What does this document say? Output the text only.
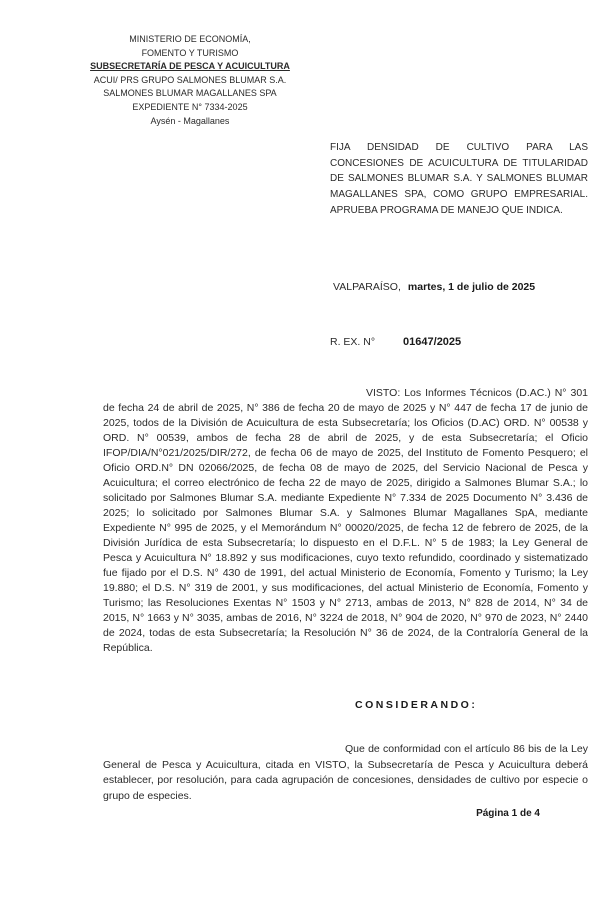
MINISTERIO DE ECONOMÍA,
FOMENTO Y TURISMO
SUBSECRETARÍA DE PESCA Y ACUICULTURA
ACUI/ PRS GRUPO SALMONES BLUMAR S.A.
SALMONES BLUMAR MAGALLANES SPA
EXPEDIENTE N° 7334-2025
Aysén - Magallanes
FIJA DENSIDAD DE CULTIVO PARA LAS CONCESIONES DE ACUICULTURA DE TITULARIDAD DE SALMONES BLUMAR S.A. Y SALMONES BLUMAR MAGALLANES SPA, COMO GRUPO EMPRESARIAL. APRUEBA PROGRAMA DE MANEJO QUE INDICA.
VALPARAÍSO, martes, 1 de julio de 2025
R. EX. N°	01647/2025
VISTO: Los Informes Técnicos (D.AC.) N° 301 de fecha 24 de abril de 2025, N° 386 de fecha 20 de mayo de 2025 y N° 447 de fecha 17 de junio de 2025, todos de la División de Acuicultura de esta Subsecretaría; los Oficios (D.AC) ORD. N° 00538 y ORD. N° 00539, ambos de fecha 28 de abril de 2025, y de esta Subsecretaría; el Oficio IFOP/DIA/N°021/2025/DIR/272, de fecha 06 de mayo de 2025, del Instituto de Fomento Pesquero; el Oficio ORD.N° DN 02066/2025, de fecha 08 de mayo de 2025, del Servicio Nacional de Pesca y Acuicultura; el correo electrónico de fecha 22 de mayo de 2025, dirigido a Salmones Blumar S.A.; lo solicitado por Salmones Blumar S.A. mediante Expediente N° 7.334 de 2025 Documento N° 3.436 de 2025; lo solicitado por Salmones Blumar S.A. y Salmones Blumar Magallanes SpA, mediante Expediente N° 995 de 2025, y el Memorándum N° 00020/2025, de fecha 12 de febrero de 2025, de la División Jurídica de esta Subsecretaría; lo dispuesto en el D.F.L. N° 5 de 1983; la Ley General de Pesca y Acuicultura N° 18.892 y sus modificaciones, cuyo texto refundido, coordinado y sistematizado fue fijado por el D.S. N° 430 de 1991, del actual Ministerio de Economía, Fomento y Turismo; la Ley 19.880; el D.S. N° 319 de 2001, y sus modificaciones, del actual Ministerio de Economía, Fomento y Turismo; las Resoluciones Exentas N° 1503 y N° 2713, ambas de 2013, N° 828 de 2014, N° 34 de 2015, N° 1663 y N° 3035, ambas de 2016, N° 3224 de 2018, N° 904 de 2020, N° 970 de 2023, N° 2440 de 2024, todas de esta Subsecretaría; la Resolución N° 36 de 2024, de la Contraloría General de la República.
CONSIDERANDO:
Que de conformidad con el artículo 86 bis de la Ley General de Pesca y Acuicultura, citada en VISTO, la Subsecretaría de Pesca y Acuicultura deberá establecer, por resolución, para cada agrupación de concesiones, densidades de cultivo por especie o grupo de especies.
Página 1 de 4
